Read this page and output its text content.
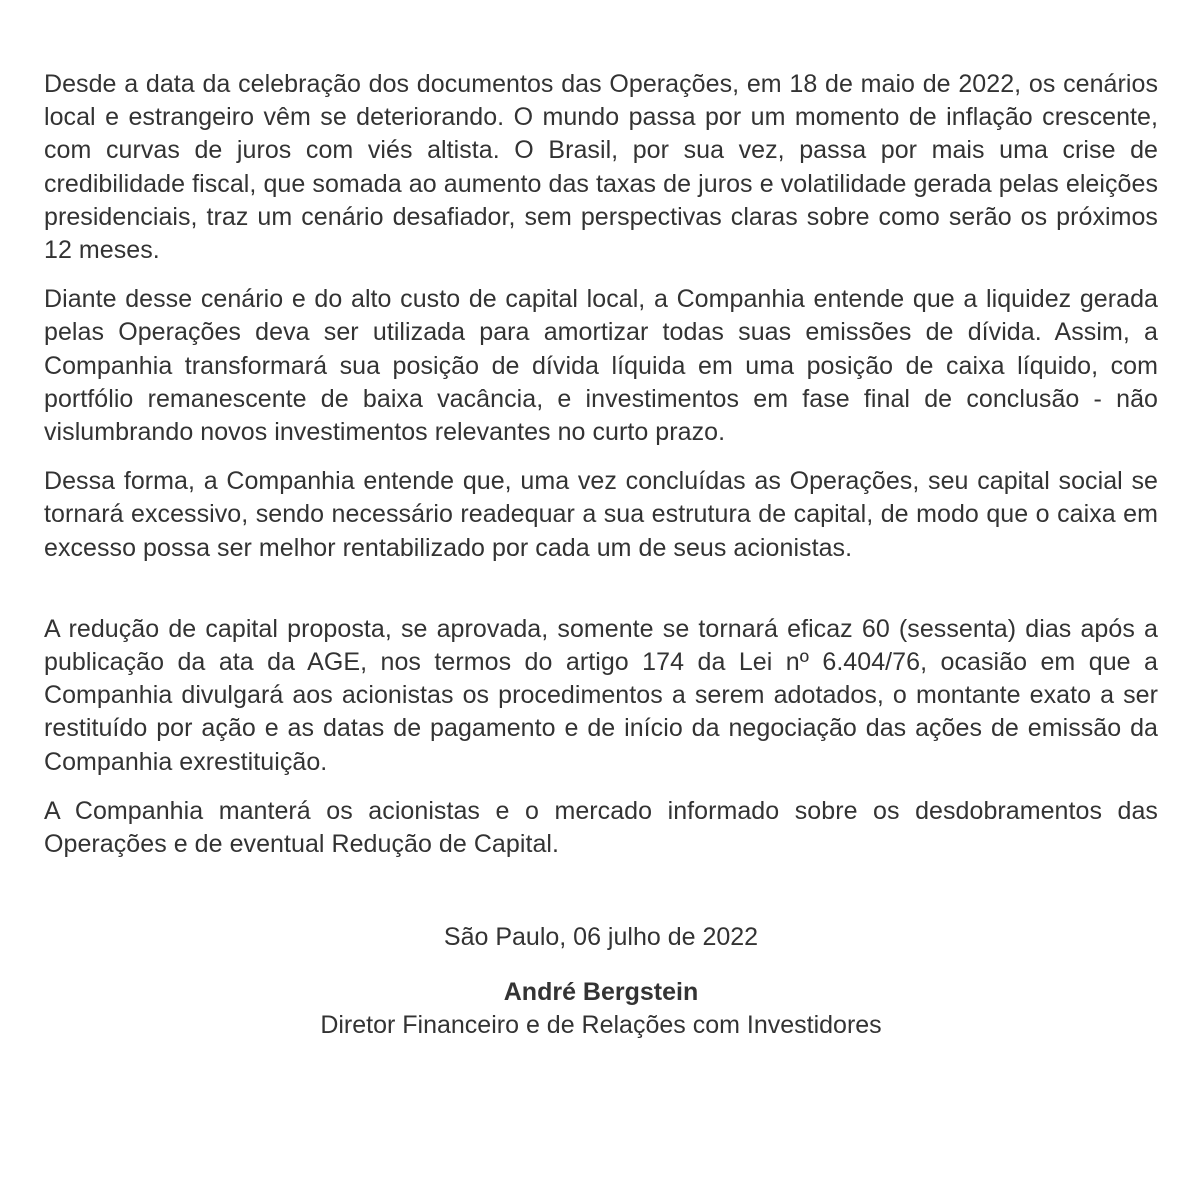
Desde a data da celebração dos documentos das Operações, em 18 de maio de 2022, os cenários local e estrangeiro vêm se deteriorando. O mundo passa por um momento de inflação crescente, com curvas de juros com viés altista. O Brasil, por sua vez, passa por mais uma crise de credibilidade fiscal, que somada ao aumento das taxas de juros e volatilidade gerada pelas eleições presidenciais, traz um cenário desafiador, sem perspectivas claras sobre como serão os próximos 12 meses.

Diante desse cenário e do alto custo de capital local, a Companhia entende que a liquidez gerada pelas Operações deva ser utilizada para amortizar todas suas emissões de dívida. Assim, a Companhia transformará sua posição de dívida líquida em uma posição de caixa líquido, com portfólio remanescente de baixa vacância, e investimentos em fase final de conclusão - não vislumbrando novos investimentos relevantes no curto prazo.

Dessa forma, a Companhia entende que, uma vez concluídas as Operações, seu capital social se tornará excessivo, sendo necessário readequar a sua estrutura de capital, de modo que o caixa em excesso possa ser melhor rentabilizado por cada um de seus acionistas.

A redução de capital proposta, se aprovada, somente se tornará eficaz 60 (sessenta) dias após a publicação da ata da AGE, nos termos do artigo 174 da Lei nº 6.404/76, ocasião em que a Companhia divulgará aos acionistas os procedimentos a serem adotados, o montante exato a ser restituído por ação e as datas de pagamento e de início da negociação das ações de emissão da Companhia exrestituição.

A Companhia manterá os acionistas e o mercado informado sobre os desdobramentos das Operações e de eventual Redução de Capital.

São Paulo, 06 julho de 2022

André Bergstein

Diretor Financeiro e de Relações com Investidores
